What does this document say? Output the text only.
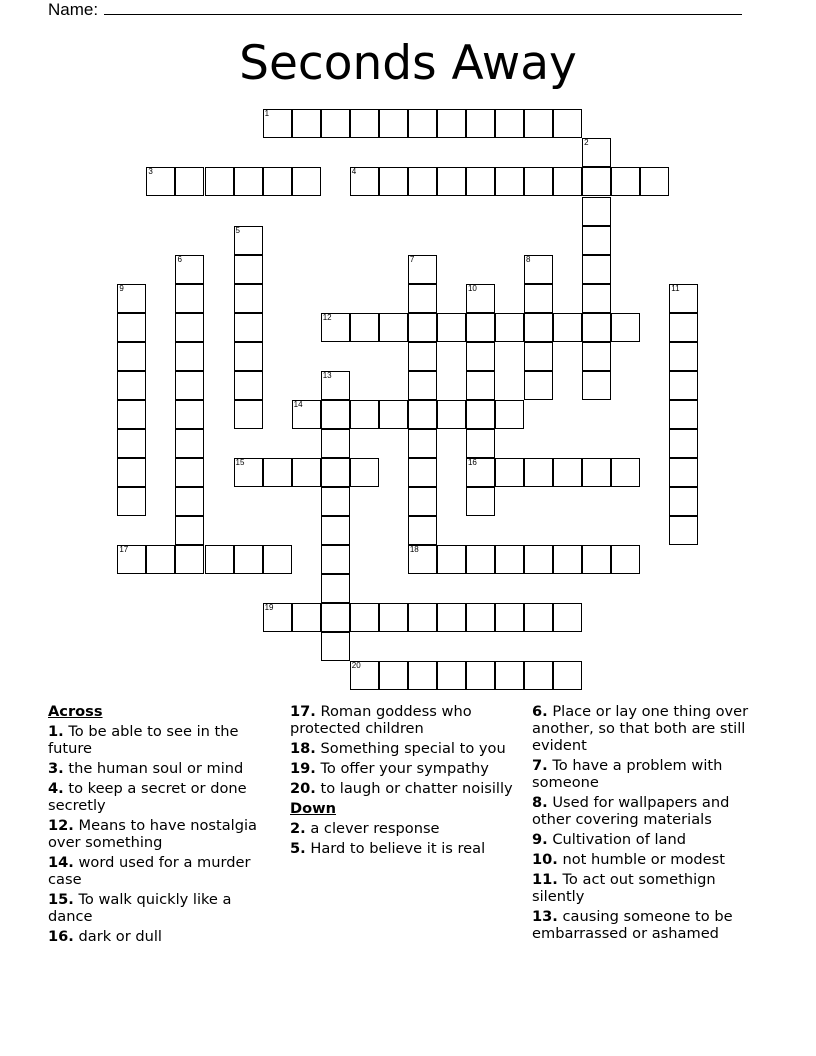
Name:
Seconds Away
1
2
3	4
5
6	7	8
9	10
16
11
12
13
14
15
17	18
19
20
Across
1. To be able to see in the future
3. the human soul or mind
4. to keep a secret or done secretly
12. Means to have nostalgia over something
14. word used for a murder case
15. To walk quickly like a dance
16. dark or dull
17. Roman goddess who protected children
18. Something special to you
19. To offer your sympathy
20. to laugh or chatter noisilly
Down
2. a clever response
5. Hard to believe it is real
6. Place or lay one thing over another, so that both are still evident
7. To have a problem with someone
8. Used for wallpapers and other covering materials
9. Cultivation of land
10. not humble or modest
11. To act out somethign silently
13. causing someone to be embarrassed or ashamed
